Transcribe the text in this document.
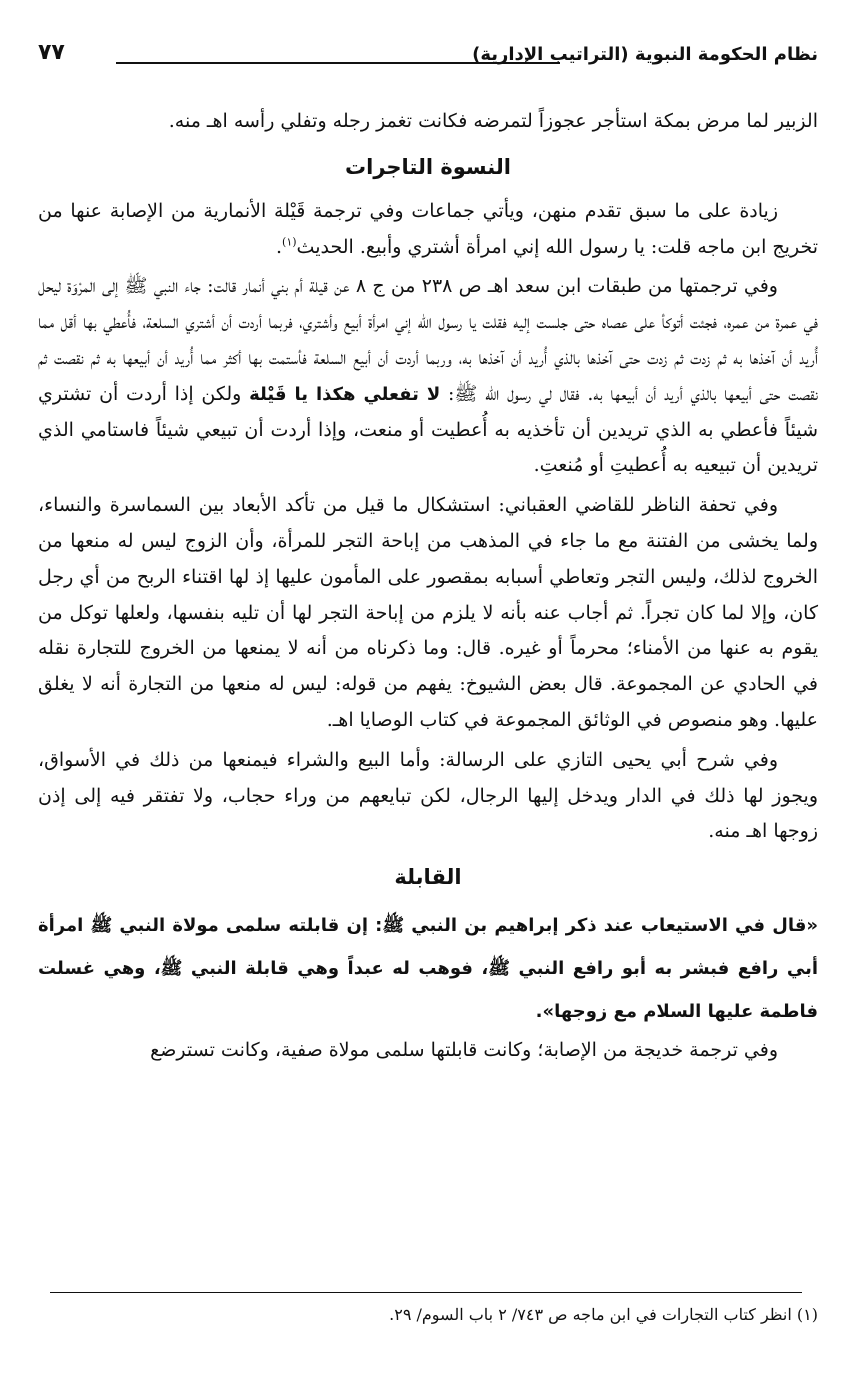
نظام الحكومة النبوية (التراتيب الإدارية)
٧٧

الزبير لما مرض بمكة استأجر عجوزاً لتمرضه فكانت تغمز رجله وتفلي رأسه اهـ منه.

النسوة التاجرات

زيادة على ما سبق تقدم منهن، ويأتي جماعات وفي ترجمة قَيْلة الأنمارية من الإصابة عنها من تخريج ابن ماجه قلت: يا رسول الله إني امرأة أشتري وأبيع. الحديث$^{(١)}$.

وفي ترجمتها من طبقات ابن سعد اهـ ص ٢٣٨ من ج ٨ عن قيلة أم بني أنمار قالت: جاء النبي ﷺ إلى المرْوَة ليحل في عمرة من عمره، فجئت أتوكأ على عصاه حتى جلست إليه فقلت يا رسول الله إني امرأة أبيع وأشتري، فربما أردت أن أشتري السلعة، فأُعطي بها أقل مما أُريد أن آخذها به ثم زدت ثم زدت حتى آخذها بالذي أُريد أن آخذها به، وربما أردت أن أبيع السلعة فأستمت بها أكثر مما أُريد أن أبيعها به ثم نقصت ثم نقصت حتى أبيعها بالذي أريد أن أبيعها به. فقال لي رسول الله ﷺ: لا تفعلي هكذا يا قَيْلة ولكن إذا أردت أن تشتري شيئاً فأعطي به الذي تريدين أن تأخذيه به أُعطيت أو منعت، وإذا أردت أن تبيعي شيئاً فاستامي الذي تريدين أن تبيعيه به أُعطيتِ أو مُنعتِ.

وفي تحفة الناظر للقاضي العقباني: استشكال ما قيل من تأكد الأبعاد بين السماسرة والنساء، ولما يخشى من الفتنة مع ما جاء في المذهب من إباحة التجر للمرأة، وأن الزوج ليس له منعها من الخروج لذلك، وليس التجر وتعاطي أسبابه بمقصور على المأمون عليها إذ لها اقتناء الربح من أي رجل كان، وإلا لما كان تجراً. ثم أجاب عنه بأنه لا يلزم من إباحة التجر لها أن تليه بنفسها، ولعلها توكل من يقوم به عنها من الأمناء؛ محرماً أو غيره. قال: وما ذكرناه من أنه لا يمنعها من الخروج للتجارة نقله في الحادي عن المجموعة. قال بعض الشيوخ: يفهم من قوله: ليس له منعها من التجارة أنه لا يغلق عليها. وهو منصوص في الوثائق المجموعة في كتاب الوصايا اهـ.

وفي شرح أبي يحيى التازي على الرسالة: وأما البيع والشراء فيمنعها من ذلك في الأسواق، ويجوز لها ذلك في الدار ويدخل إليها الرجال، لكن تبايعهم من وراء حجاب، ولا تفتقر فيه إلى إذن زوجها اهـ منه.

القابلة

«قال في الاستيعاب عند ذكر إبراهيم بن النبي ﷺ: إن قابلته سلمى مولاة النبي ﷺ امرأة أبي رافع فبشر به أبو رافع النبي ﷺ، فوهب له عبداً وهي قابلة النبي ﷺ، وهي غسلت فاطمة عليها السلام مع زوجها».

وفي ترجمة خديجة من الإصابة؛ وكانت قابلتها سلمى مولاة صفية، وكانت تسترضع

(١) انظر كتاب التجارات في ابن ماجه ص ٧٤٣/ ٢ باب السوم/ ٢٩.
